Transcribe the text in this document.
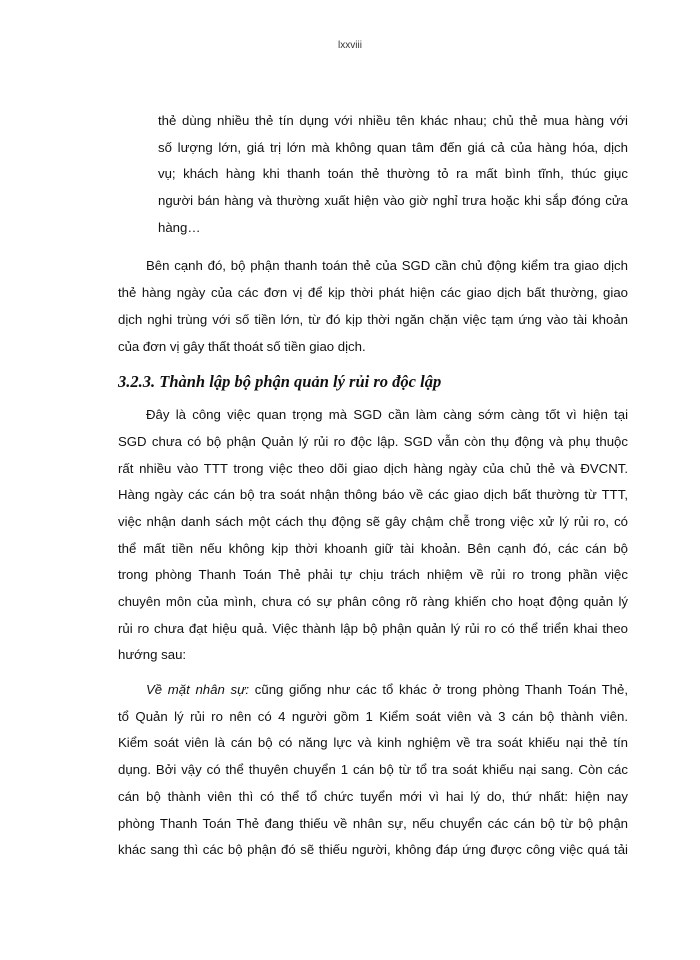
lxxviii
thẻ dùng nhiều thẻ tín dụng với nhiều tên khác nhau; chủ thẻ mua hàng với
số lượng lớn, giá trị lớn mà không quan tâm đến giá cả của hàng hóa, dịch
vụ; khách hàng khi thanh toán thẻ thường tỏ ra mất bình tĩnh, thúc giục
người bán hàng và thường xuất hiện vào giờ nghỉ trưa hoặc khi sắp đóng cửa
hàng…
Bên cạnh đó, bộ phận thanh toán thẻ của SGD cần chủ động kiểm tra giao dịch
thẻ hàng ngày của các đơn vị để kịp thời phát hiện các giao dịch bất thường, giao
dịch nghi trùng với số tiền lớn, từ đó kịp thời ngăn chặn việc tạm ứng vào tài khoản
của đơn vị gây thất thoát số tiền giao dịch.
3.2.3. Thành lập bộ phận quản lý rủi ro độc lập
Đây là công việc quan trọng mà SGD cần làm càng sớm càng tốt vì hiện tại
SGD chưa có bộ phận Quản lý rủi ro độc lập. SGD vẫn còn thụ động và phụ thuộc
rất nhiều vào TTT trong việc theo dõi giao dịch hàng ngày của chủ thẻ và ĐVCNT.
Hàng ngày các cán bộ tra soát nhận thông báo về các giao dịch bất thường từ TTT,
việc nhận danh sách một cách thụ động sẽ gây chậm chễ trong việc xử lý rủi ro, có
thể mất tiền nếu không kịp thời khoanh giữ tài khoản. Bên cạnh đó, các cán bộ
trong phòng Thanh Toán Thẻ phải tự chịu trách nhiệm về rủi ro trong phần việc
chuyên môn của mình, chưa có sự phân công rõ ràng khiến cho hoạt động quản lý
rủi ro chưa đạt hiệu quả. Việc thành lập bộ phận quản lý rủi ro có thể triển khai theo
hướng sau:
Về mặt nhân sự: cũng giống như các tổ khác ở trong phòng Thanh Toán Thẻ,
tổ Quản lý rủi ro nên có 4 người gồm 1 Kiểm soát viên và 3 cán bộ thành viên.
Kiểm soát viên là cán bộ có năng lực và kinh nghiệm về tra soát khiếu nại thẻ tín
dụng. Bởi vậy có thể thuyên chuyển 1 cán bộ từ tổ tra soát khiếu nại sang. Còn các
cán bộ thành viên thì có thể tổ chức tuyển mới vì hai lý do, thứ nhất: hiện nay
phòng Thanh Toán Thẻ đang thiếu về nhân sự, nếu chuyển các cán bộ từ bộ phận
khác sang thì các bộ phận đó sẽ thiếu người, không đáp ứng được công việc quá tải
